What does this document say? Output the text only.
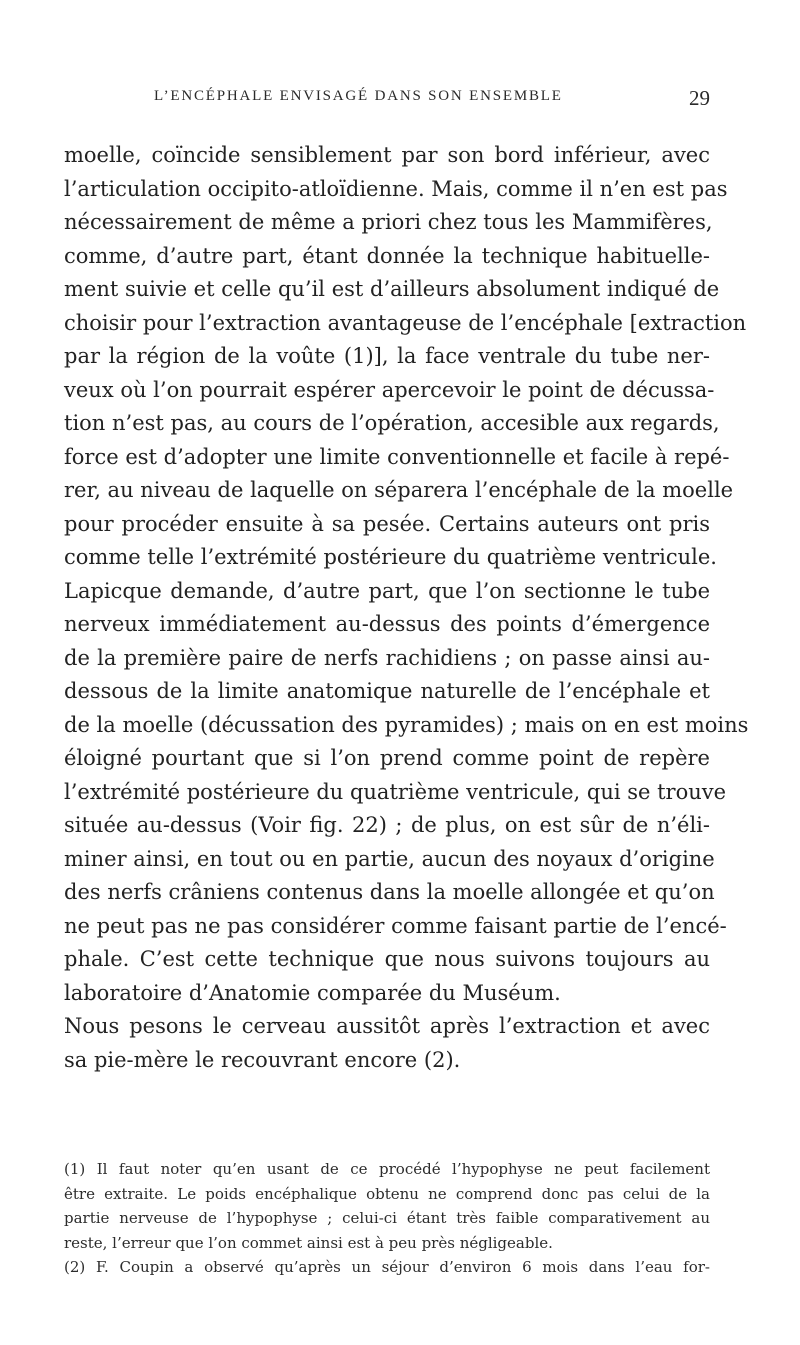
L’ENCÉPHALE ENVISAGÉ DANS SON ENSEMBLE	29
moelle, coïncide sensiblement par son bord inférieur, avec
l’articulation occipito-atloïdienne. Mais, comme il n’en est pas
nécessairement de même a priori chez tous les Mammifères,
comme, d’autre part, étant donnée la technique habituelle-
ment suivie et celle qu’il est d’ailleurs absolument indiqué de
choisir pour l’extraction avantageuse de l’encéphale [extraction
par la région de la voûte (1)], la face ventrale du tube ner-
veux où l’on pourrait espérer apercevoir le point de décussa-
tion n’est pas, au cours de l’opération, accesible aux regards,
force est d’adopter une limite conventionnelle et facile à repé-
rer, au niveau de laquelle on séparera l’encéphale de la moelle
pour procéder ensuite à sa pesée. Certains auteurs ont pris
comme telle l’extrémité postérieure du quatrième ventricule.
Lapicque demande, d’autre part, que l’on sectionne le tube
nerveux immédiatement au-dessus des points d’émergence
de la première paire de nerfs rachidiens ; on passe ainsi au-
dessous de la limite anatomique naturelle de l’encéphale et
de la moelle (décussation des pyramides) ; mais on en est moins
éloigné pourtant que si l’on prend comme point de repère
l’extrémité postérieure du quatrième ventricule, qui se trouve
située au-dessus (Voir fig. 22) ; de plus, on est sûr de n’éli-
miner ainsi, en tout ou en partie, aucun des noyaux d’origine
des nerfs crâniens contenus dans la moelle allongée et qu’on
ne peut pas ne pas considérer comme faisant partie de l’encé-
phale. C’est cette technique que nous suivons toujours au
laboratoire d’Anatomie comparée du Muséum.
Nous pesons le cerveau aussitôt après l’extraction et avec
sa pie-mère le recouvrant encore (2).
(1) Il faut noter qu’en usant de ce procédé l’hypophyse ne peut facilement
être extraite. Le poids encéphalique obtenu ne comprend donc pas celui de la
partie nerveuse de l’hypophyse ; celui-ci étant très faible comparativement au
reste, l’erreur que l’on commet ainsi est à peu près négligeable.
(2) F. Coupin a observé qu’après un séjour d’environ 6 mois dans l’eau for-
